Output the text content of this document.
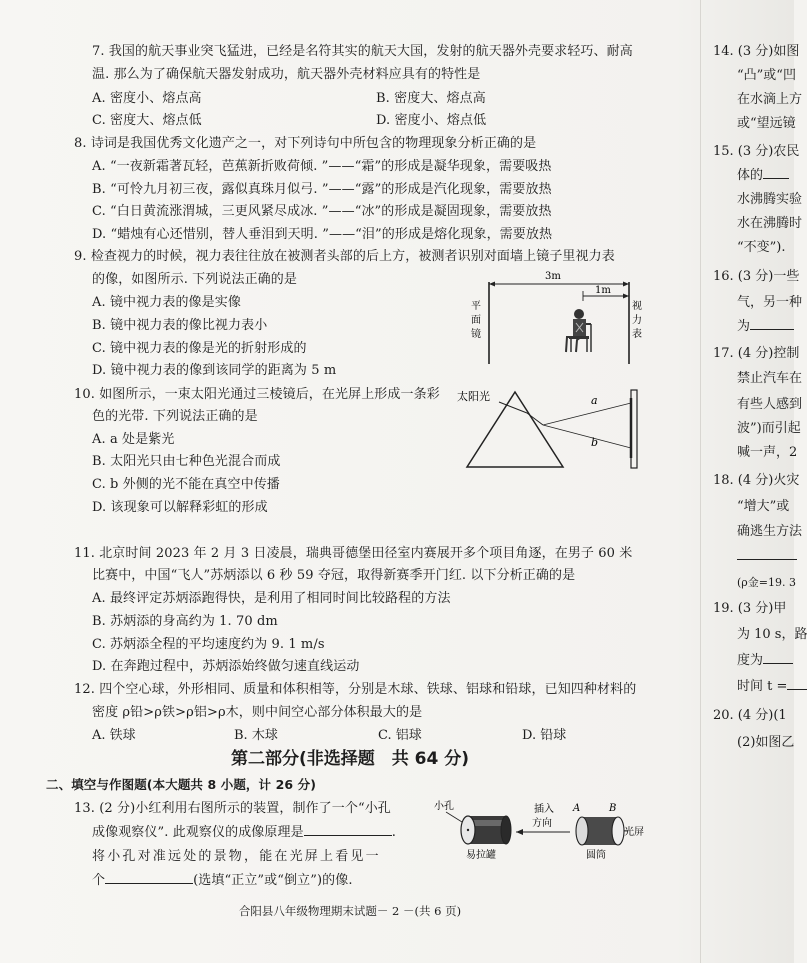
7. 我国的航天事业突飞猛进，已经是名符其实的航天大国，发射的航天器外壳要求轻巧、耐高
温. 那么为了确保航天器发射成功，航天器外壳材料应具有的特性是
A. 密度小、熔点高	B. 密度大、熔点高
C. 密度大、熔点低	D. 密度小、熔点低
8. 诗词是我国优秀文化遗产之一，对下列诗句中所包含的物理现象分析正确的是
A. “一夜新霜著瓦轻，芭蕉新折败荷倾. ”——“霜”的形成是凝华现象，需要吸热
B. “可怜九月初三夜，露似真珠月似弓. ”——“露”的形成是汽化现象，需要放热
C. “白日黄流涨渭城，三更风紧尽成冰. ”——“冰”的形成是凝固现象，需要放热
D. “蜡烛有心还惜别，替人垂泪到天明. ”——“泪”的形成是熔化现象，需要放热
9. 检查视力的时候，视力表往往放在被测者头部的后上方，被测者识别对面墙上镜子里视力表
的像，如图所示. 下列说法正确的是
A. 镜中视力表的像是实像
B. 镜中视力表的像比视力表小
C. 镜中视力表的像是光的折射形成的
D. 镜中视力表的像到该同学的距离为 5 m
3m
1m
平
面
镜
视
力
表
10. 如图所示，一束太阳光通过三棱镜后，在光屏上形成一条彩
色的光带. 下列说法正确的是
A. a 处是紫光
B. 太阳光只由七种色光混合而成
C. b 外侧的光不能在真空中传播
D. 该现象可以解释彩虹的形成
太阳光	a
b
11. 北京时间 2023 年 2 月 3 日凌晨，瑞典哥德堡田径室内赛展开多个项目角逐，在男子 60 米
比赛中，中国“飞人”苏炳添以 6 秒 59 夺冠，取得新赛季开门红. 以下分析正确的是
A. 最终评定苏炳添跑得快，是利用了相同时间比较路程的方法
B. 苏炳添的身高约为 1. 70 dm
C. 苏炳添全程的平均速度约为 9. 1 m/s
D. 在奔跑过程中，苏炳添始终做匀速直线运动
12. 四个空心球，外形相同、质量和体积相等，分别是木球、铁球、铝球和铅球，已知四种材料的
密度 ρ铅>ρ铁>ρ铝>ρ木，则中间空心部分体积最大的是
A. 铁球	B. 木球	C. 铝球	D. 铅球
第二部分(非选择题　共 64 分)
二、填空与作图题(本大题共 8 小题，计 26 分)
13. (2 分)小红利用右图所示的装置，制作了一个“小孔
成像观察仪”. 此观察仪的成像原理是	.
将小孔对准远处的景物，能在光屏上看见一
个	(选填“正立”或“倒立”)的像.
小孔
易拉罐
插入
方向
A	B
圆筒
光屏
合阳县八年级物理期末试题－ 2 －(共 6 页)
14. (3 分)如图
“凸”或“凹
在水滴上方
或“望远镜
15. (3 分)农民
体的
水沸腾实验
水在沸腾时
“不变”).
16. (3 分)一些
气，另一种
为
17. (4 分)控制
禁止汽车在
有些人感到
波”)而引起
喊一声，2
18. (4 分)火灾
“增大”或
确逃生方法
(ρ金=19. 3
19. (3 分)甲
为 10 s，路
度为
时间 t =
20. (4 分)(1
(2)如图乙
